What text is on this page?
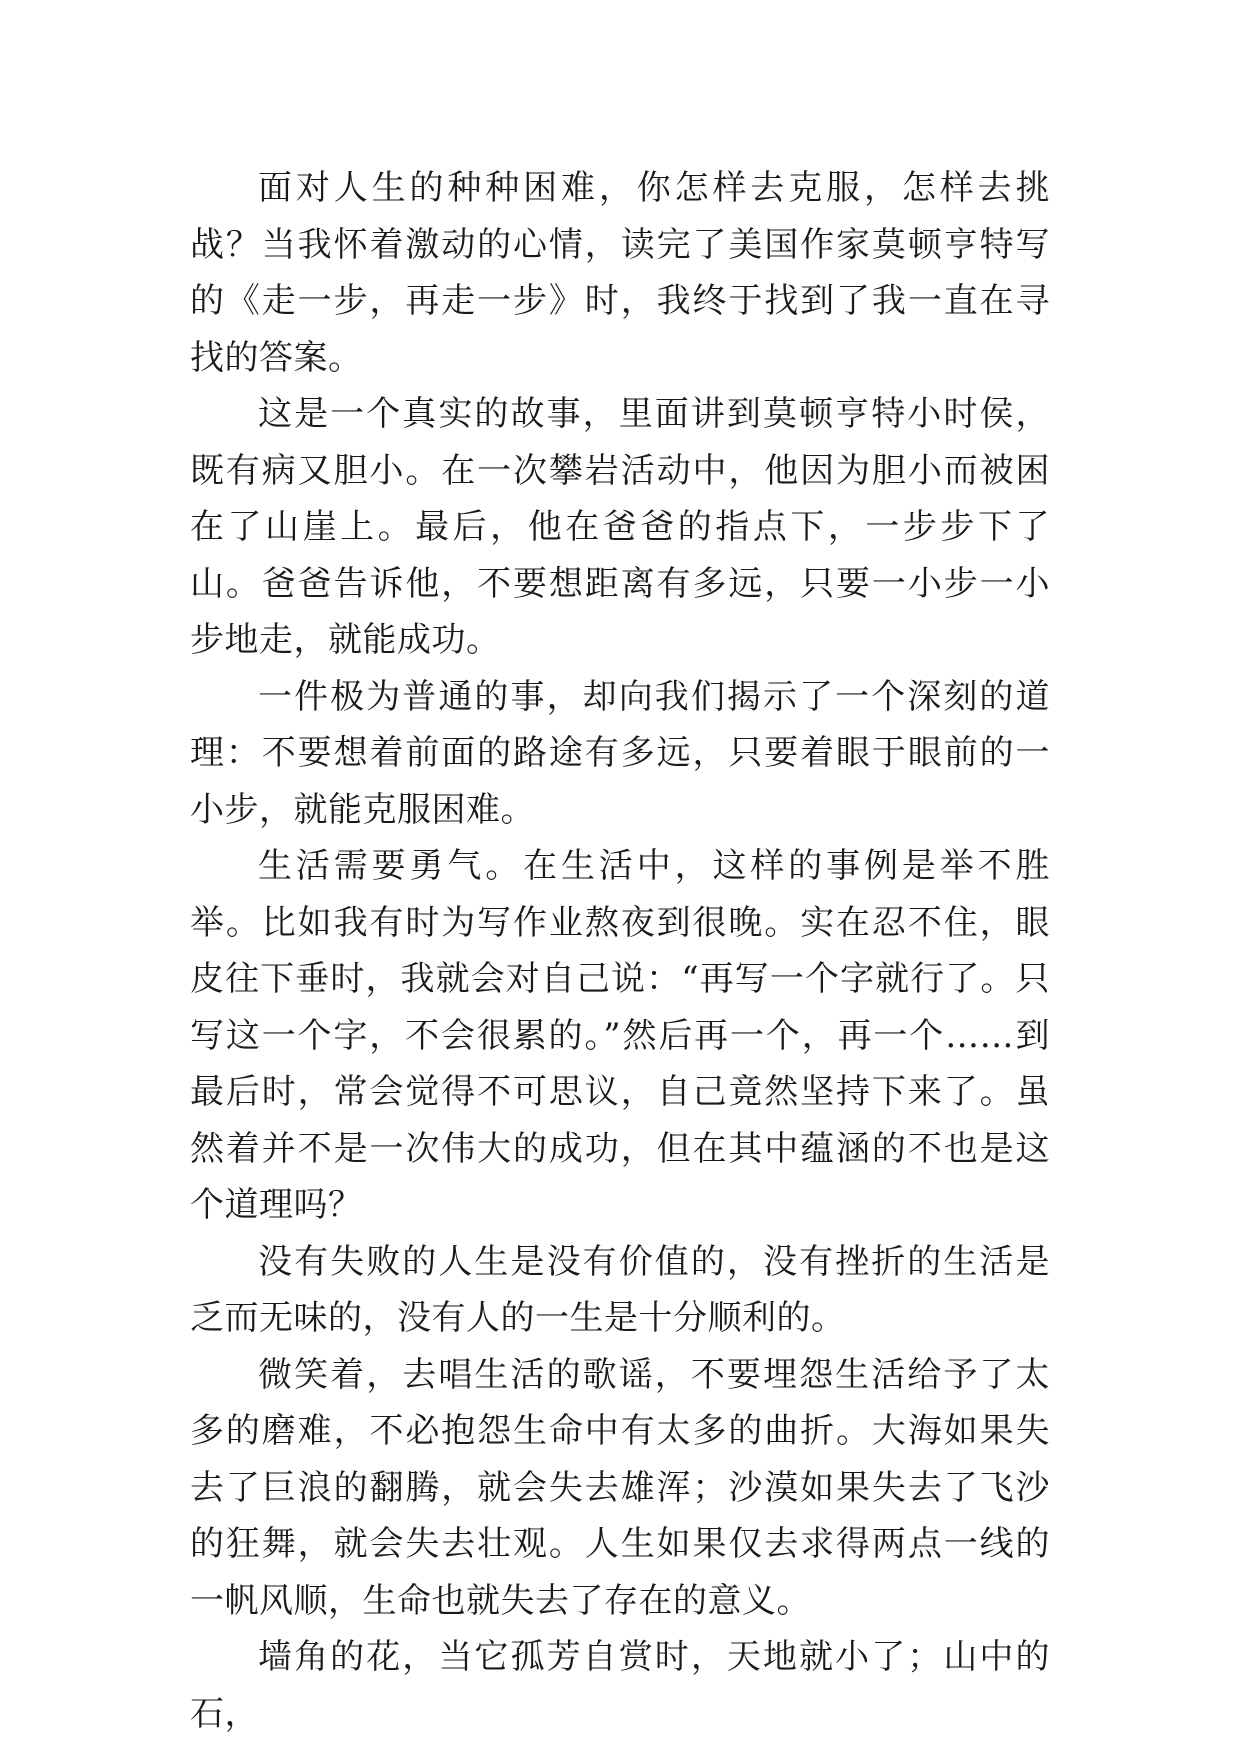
面对人生的种种困难，你怎样去克服，怎样去挑战？当我怀着激动的心情，读完了美国作家莫顿亨特写的《走一步，再走一步》时，我终于找到了我一直在寻找的答案。

这是一个真实的故事，里面讲到莫顿亨特小时侯，既有病又胆小。在一次攀岩活动中，他因为胆小而被困在了山崖上。最后，他在爸爸的指点下，一步步下了山。爸爸告诉他，不要想距离有多远，只要一小步一小步地走，就能成功。

一件极为普通的事，却向我们揭示了一个深刻的道理：不要想着前面的路途有多远，只要着眼于眼前的一小步，就能克服困难。

生活需要勇气。在生活中，这样的事例是举不胜举。比如我有时为写作业熬夜到很晚。实在忍不住，眼皮往下垂时，我就会对自己说：“再写一个字就行了。只写这一个字，不会很累的。”然后再一个，再一个……到最后时，常会觉得不可思议，自己竟然坚持下来了。虽然着并不是一次伟大的成功，但在其中蕴涵的不也是这个道理吗？

没有失败的人生是没有价值的，没有挫折的生活是乏而无味的，没有人的一生是十分顺利的。

微笑着，去唱生活的歌谣，不要埋怨生活给予了太多的磨难，不必抱怨生命中有太多的曲折。大海如果失去了巨浪的翻腾，就会失去雄浑；沙漠如果失去了飞沙的狂舞，就会失去壮观。人生如果仅去求得两点一线的一帆风顺，生命也就失去了存在的意义。

墙角的花，当它孤芳自赏时，天地就小了；山中的石，
